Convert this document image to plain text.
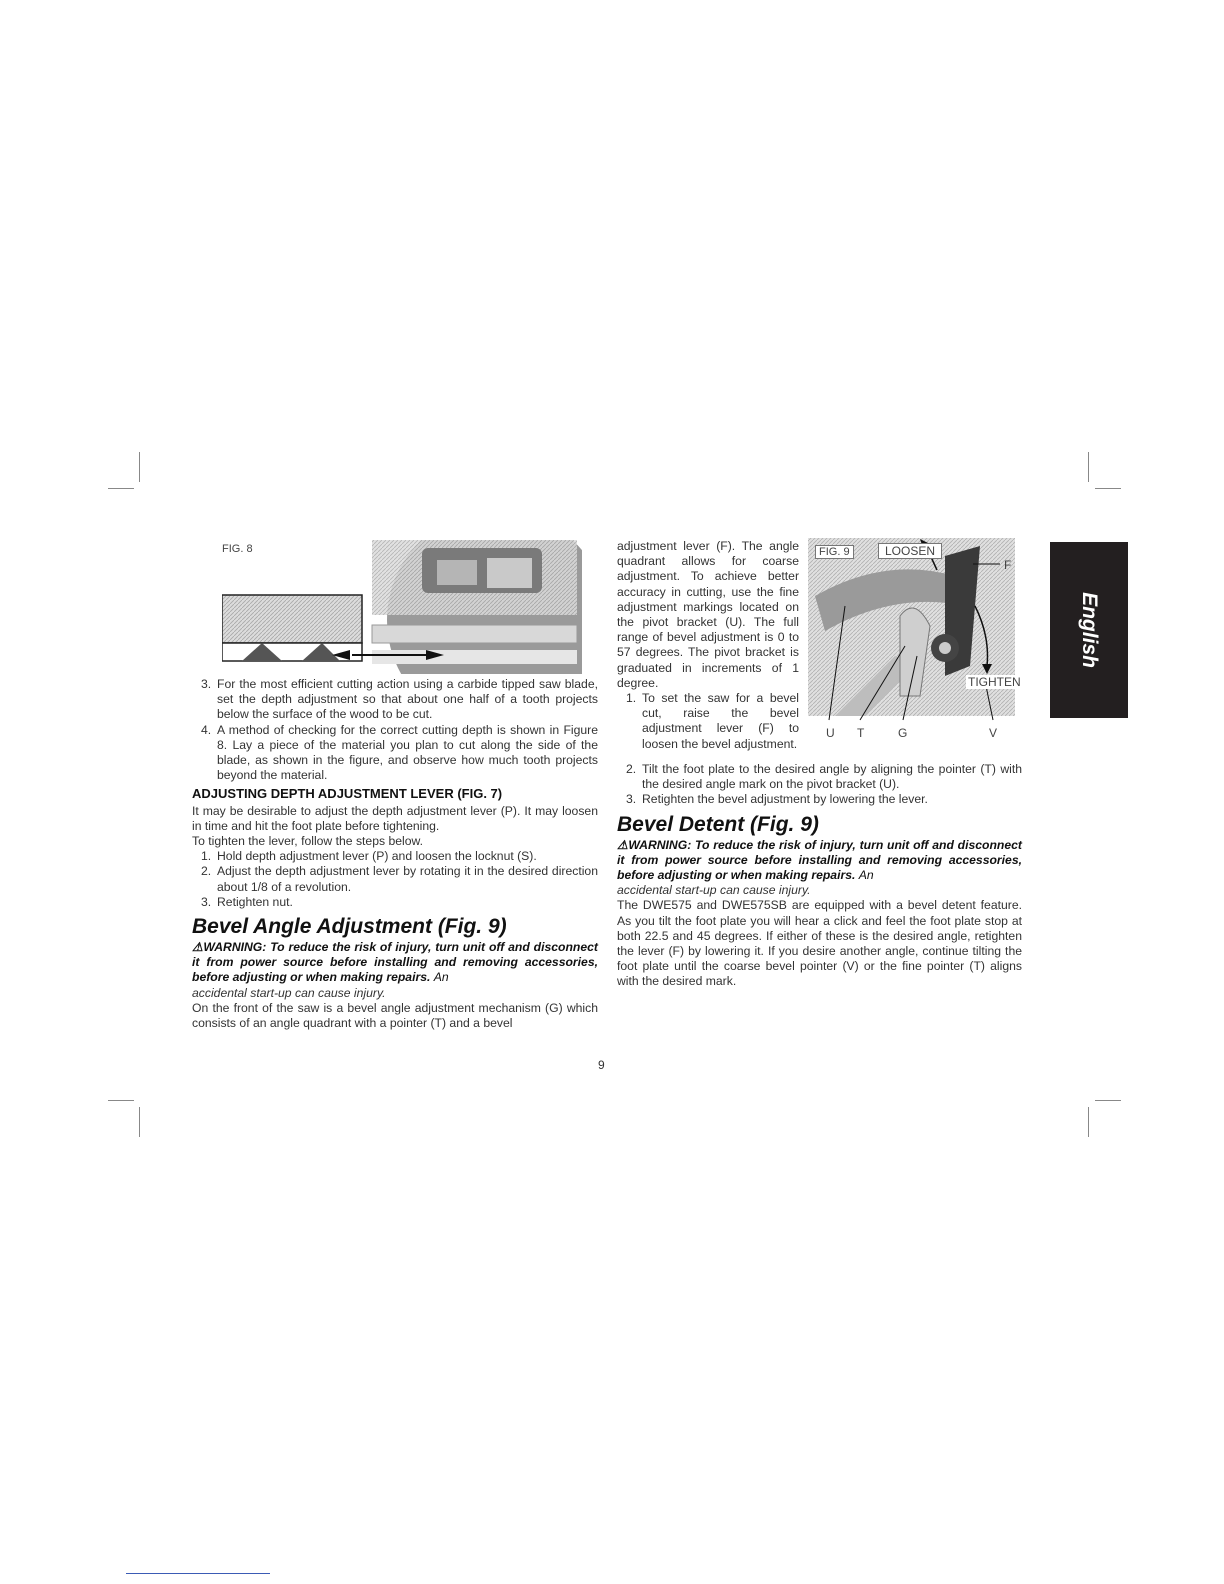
English
FIG. 8
3. For the most efficient cutting action using a carbide tipped saw blade, set the depth adjustment so that about one half of a tooth projects below the surface of the wood to be cut.
4. A method of checking for the correct cutting depth is shown in Figure 8. Lay a piece of the material you plan to cut along the side of the blade, as shown in the figure, and observe how much tooth projects beyond the material.
ADJUSTING DEPTH ADJUSTMENT LEVER (FIG. 7)

It may be desirable to adjust the depth adjustment lever (P). It may loosen in time and hit the foot plate before tightening.

To tighten the lever, follow the steps below.

1. Hold depth adjustment lever (P) and loosen the locknut (S).
2. Adjust the depth adjustment lever by rotating it in the desired direction about 1/8 of a revolution.
3. Retighten nut.
Bevel Angle Adjustment (Fig. 9)

⚠WARNING: To reduce the risk of injury, turn unit off and disconnect it from power source before installing and removing accessories, before adjusting or when making repairs. An

accidental start-up can cause injury.

On the front of the saw is a bevel angle adjustment mechanism (G) which consists of an angle quadrant with a pointer (T) and a bevel

adjustment lever (F). The angle quadrant allows for coarse adjustment. To achieve better accuracy in cutting, use the fine adjustment markings located on the pivot bracket (U). The full range of bevel adjustment is 0 to 57 degrees. The pivot bracket is graduated in increments of 1 degree.

1. To set the saw for a bevel cut, raise the bevel adjustment lever (F) to loosen the bevel adjustment.
FIG. 9	LOOSEN
TIGHTEN
F
U T	G	V
2. Tilt the foot plate to the desired angle by aligning the pointer (T) with the desired angle mark on the pivot bracket (U).
3. Retighten the bevel adjustment by lowering the lever.
Bevel Detent (Fig. 9)

⚠WARNING: To reduce the risk of injury, turn unit off and disconnect it from power source before installing and removing accessories, before adjusting or when making repairs. An

accidental start-up can cause injury.

The DWE575 and DWE575SB are equipped with a bevel detent feature. As you tilt the foot plate you will hear a click and feel the foot plate stop at both 22.5 and 45 degrees. If either of these is the desired angle, retighten the lever (F) by lowering it. If you desire another angle, continue tilting the foot plate until the coarse bevel pointer (V) or the fine pointer (T) aligns with the desired mark.

9
